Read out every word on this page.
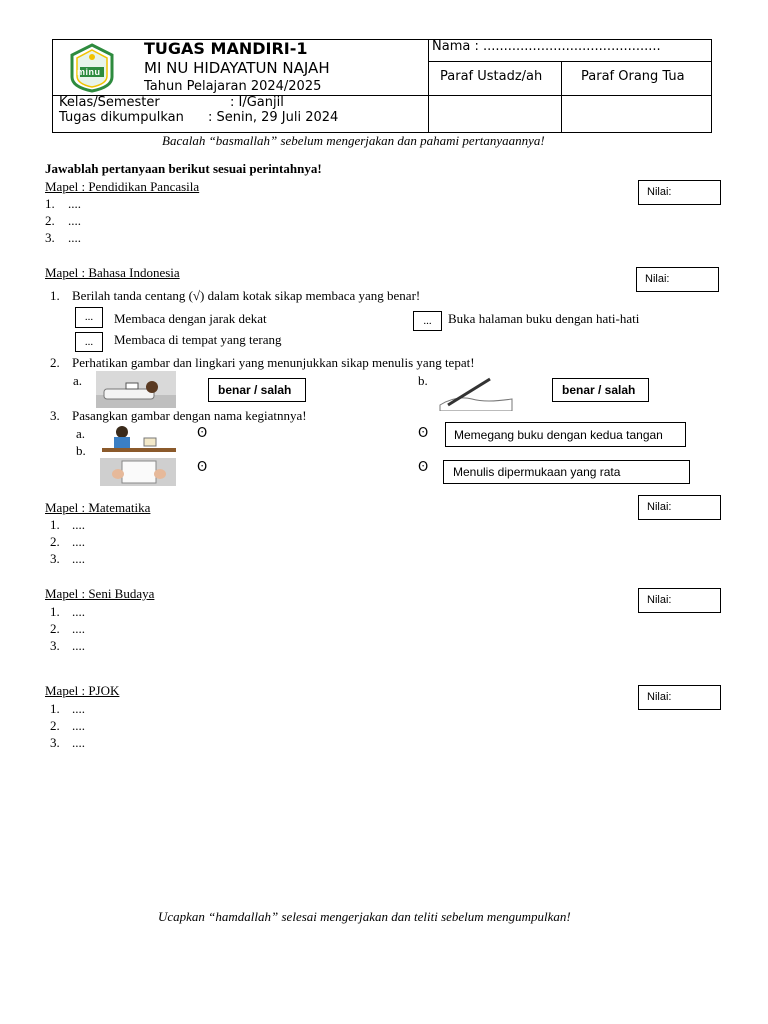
minu
TUGAS MANDIRI-1
MI NU HIDAYATUN NAJAH
Tahun Pelajaran 2024/2025
Nama : ...........................................
Paraf Ustadz/ah	Paraf Orang Tua
Kelas/Semester	: I/Ganjil
Tugas dikumpulkan : Senin, 29 Juli 2024
Bacalah “basmallah” sebelum mengerjakan dan pahami pertanyaannya!
Jawablah pertanyaan berikut sesuai perintahnya!
Mapel : Pendidikan Pancasila	Nilai:
1. ....
2. ....
3. ....
Mapel : Bahasa Indonesia	Nilai:
1. Berilah tanda centang (√) dalam kotak sikap membaca yang benar!
...	Membaca dengan jarak dekat	...	Buka halaman buku dengan hati-hati
...	Membaca di tempat yang terang
2. Perhatikan gambar dan lingkari yang menunjukkan sikap menulis yang tepat!
a.
benar / salah
b.
benar / salah
3. Pasangkan gambar dengan nama kegiatnnya!
a.
b.
ʘ
ʘ
ʘ
ʘ
Memegang buku dengan kedua tangan
Menulis dipermukaan yang rata
Mapel : Matematika	Nilai:
1. ....
2. ....
3. ....
Mapel : Seni Budaya	Nilai:
1. ....
2. ....
3. ....
Mapel : PJOK	Nilai:
1. ....
2. ....
3. ....
Ucapkan “hamdallah” selesai mengerjakan dan teliti sebelum mengumpulkan!
